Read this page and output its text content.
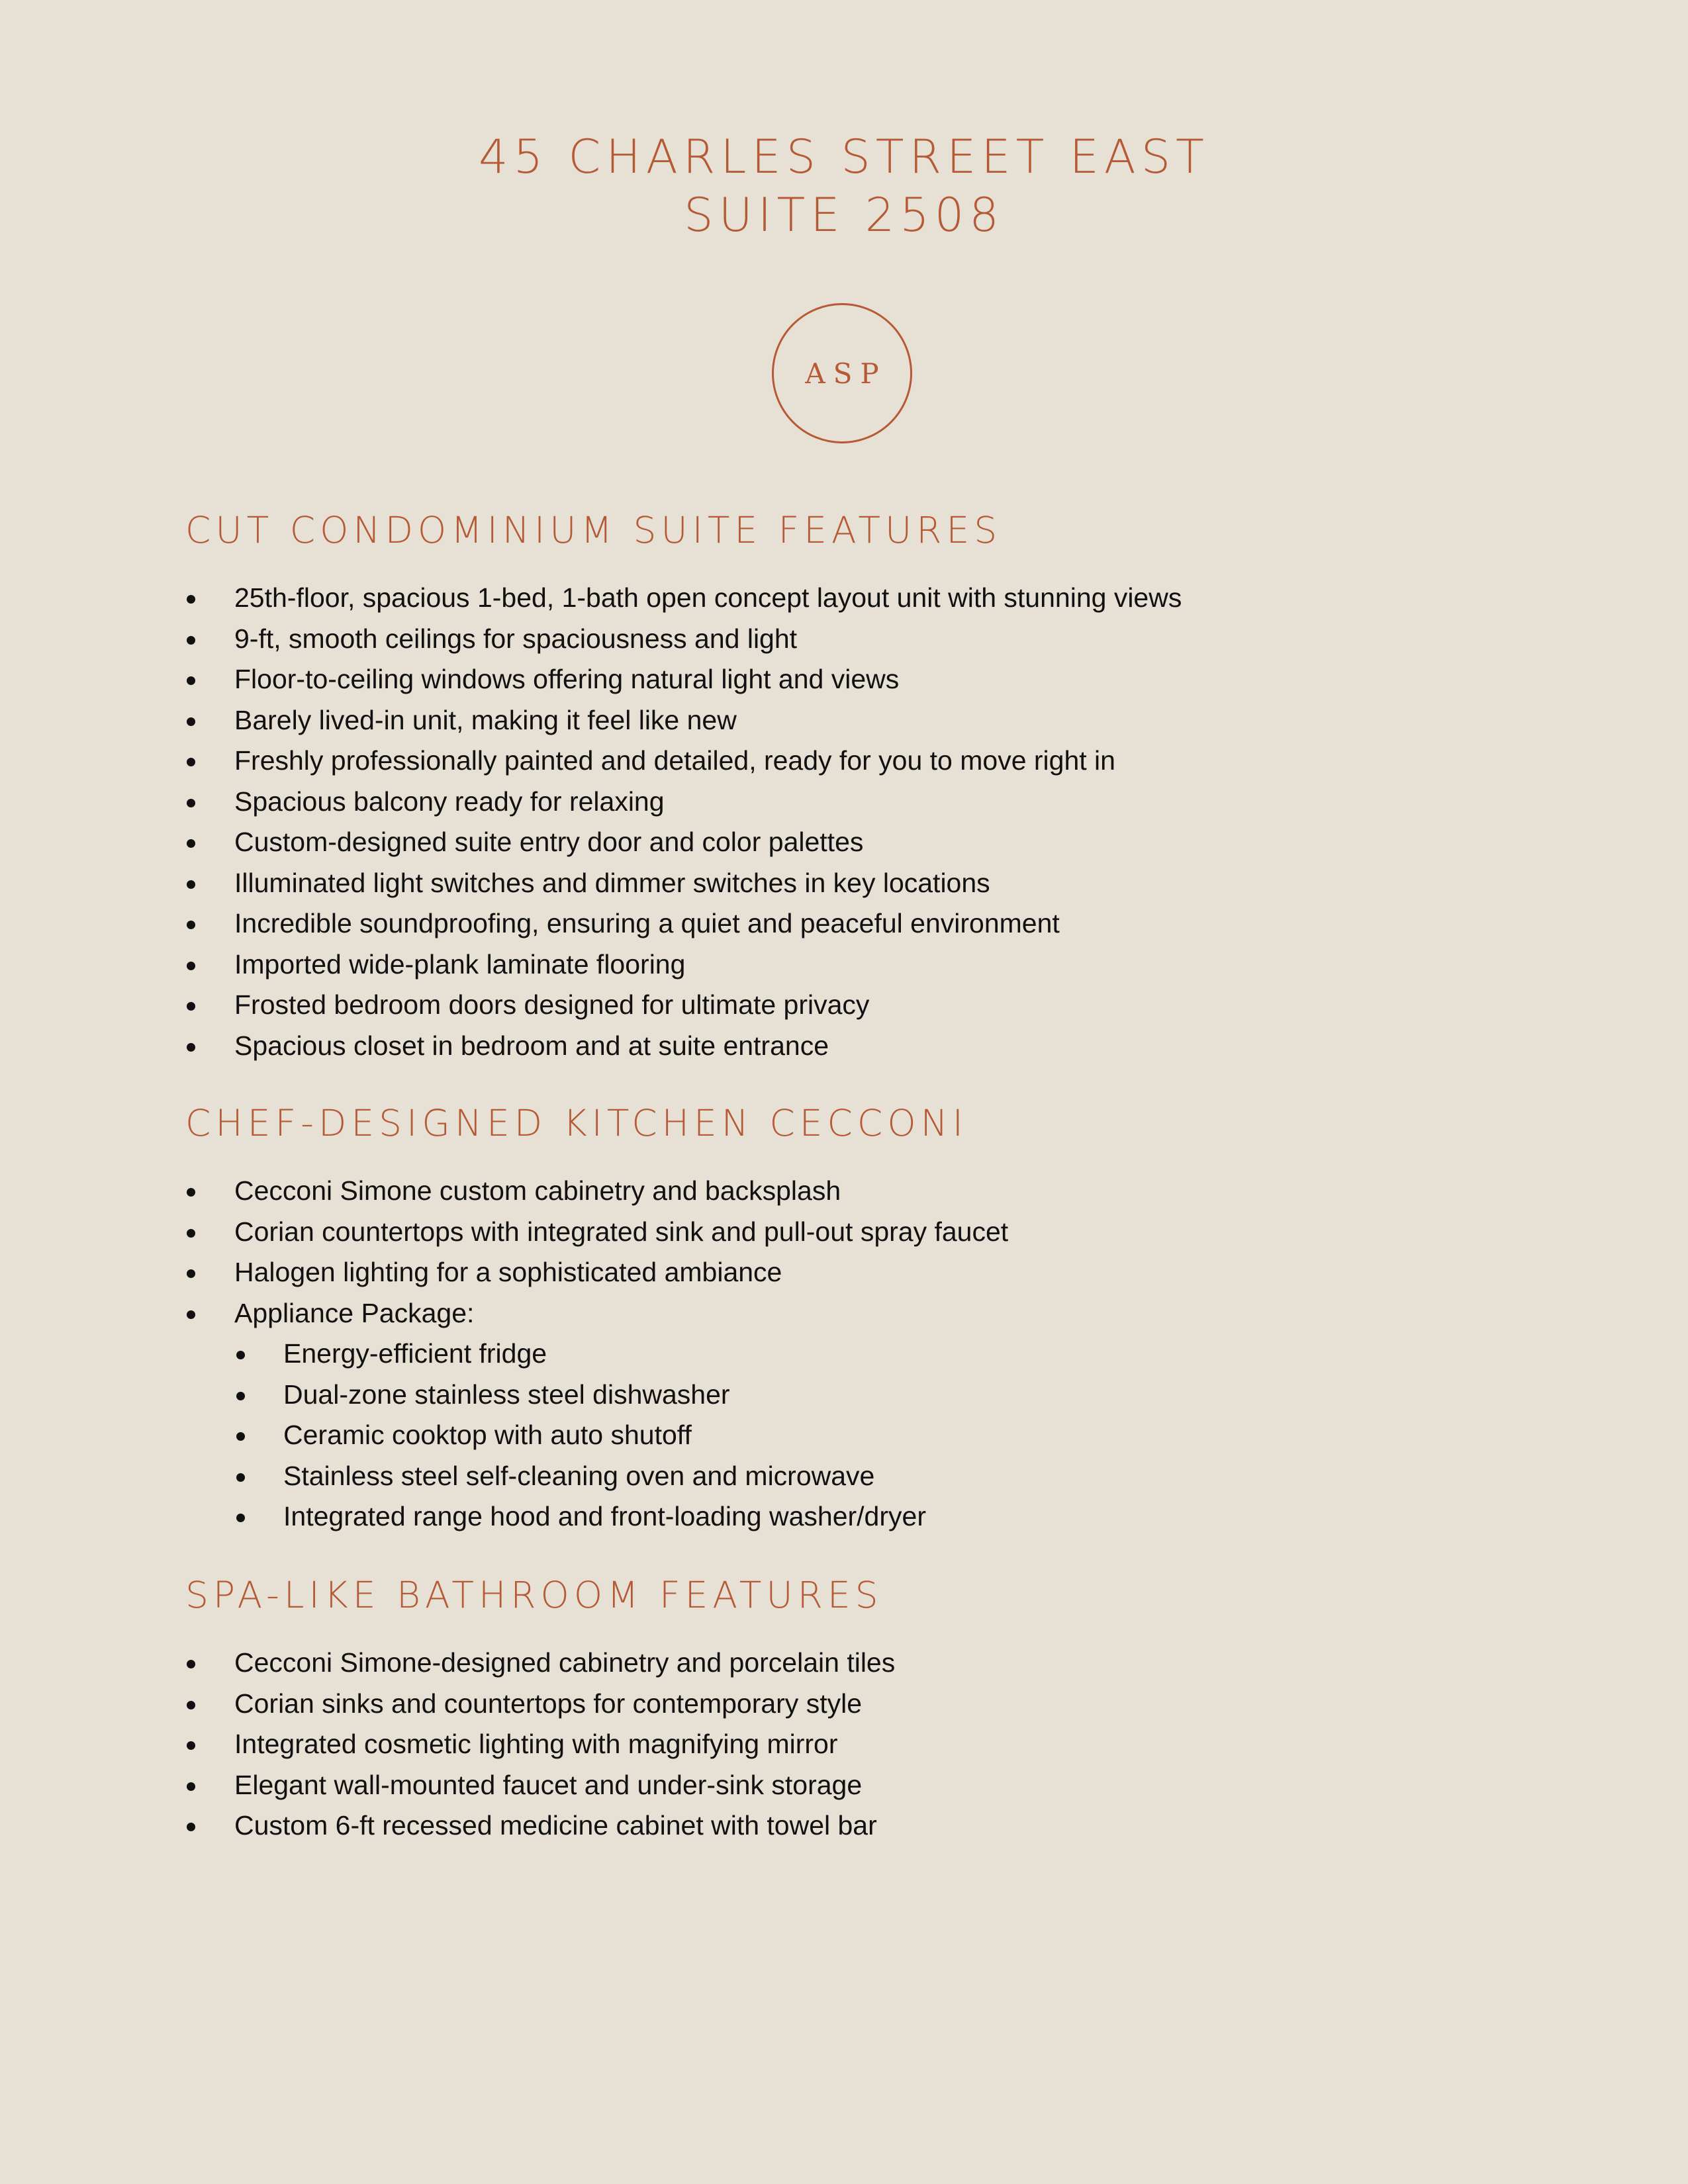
45 CHARLES STREET EAST
SUITE 2508
ASP
CUT CONDOMINIUM SUITE FEATURES
25th-floor, spacious 1-bed, 1-bath open concept layout unit with stunning views
9-ft, smooth ceilings for spaciousness and light
Floor-to-ceiling windows offering natural light and views
Barely lived-in unit, making it feel like new
Freshly professionally painted and detailed, ready for you to move right in
Spacious balcony ready for relaxing
Custom-designed suite entry door and color palettes
Illuminated light switches and dimmer switches in key locations
Incredible soundproofing, ensuring a quiet and peaceful environment
Imported wide-plank laminate flooring
Frosted bedroom doors designed for ultimate privacy
Spacious closet in bedroom and at suite entrance
CHEF-DESIGNED KITCHEN CECCONI
Cecconi Simone custom cabinetry and backsplash
Corian countertops with integrated sink and pull-out spray faucet
Halogen lighting for a sophisticated ambiance
Appliance Package:
Energy-efficient fridge
Dual-zone stainless steel dishwasher
Ceramic cooktop with auto shutoff
Stainless steel self-cleaning oven and microwave
Integrated range hood and front-loading washer/dryer
SPA-LIKE BATHROOM FEATURES
Cecconi Simone-designed cabinetry and porcelain tiles
Corian sinks and countertops for contemporary style
Integrated cosmetic lighting with magnifying mirror
Elegant wall-mounted faucet and under-sink storage
Custom 6-ft recessed medicine cabinet with towel bar
